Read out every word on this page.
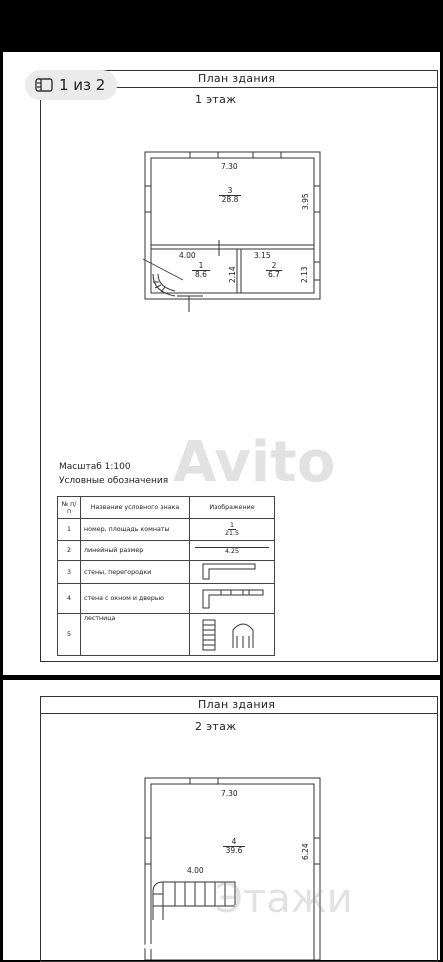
План здания
1 этаж
7.30
3.95
4.00	3.15
2.14	2.13
3
28.8
1
8.6
2
6.7
Масштаб 1:100
Условные обозначения
№ п/п	Название условного знака	Изображение
1	номер, площадь комнаты	1
21.5
2	линейный размер	4.25
3	стены, перегородки	
4	стена с окном и дверью	
5	лестница	
Avito
1 из 2
План здания
2 этаж
7.30
6.24
4.00
4
39.6
Этажи
